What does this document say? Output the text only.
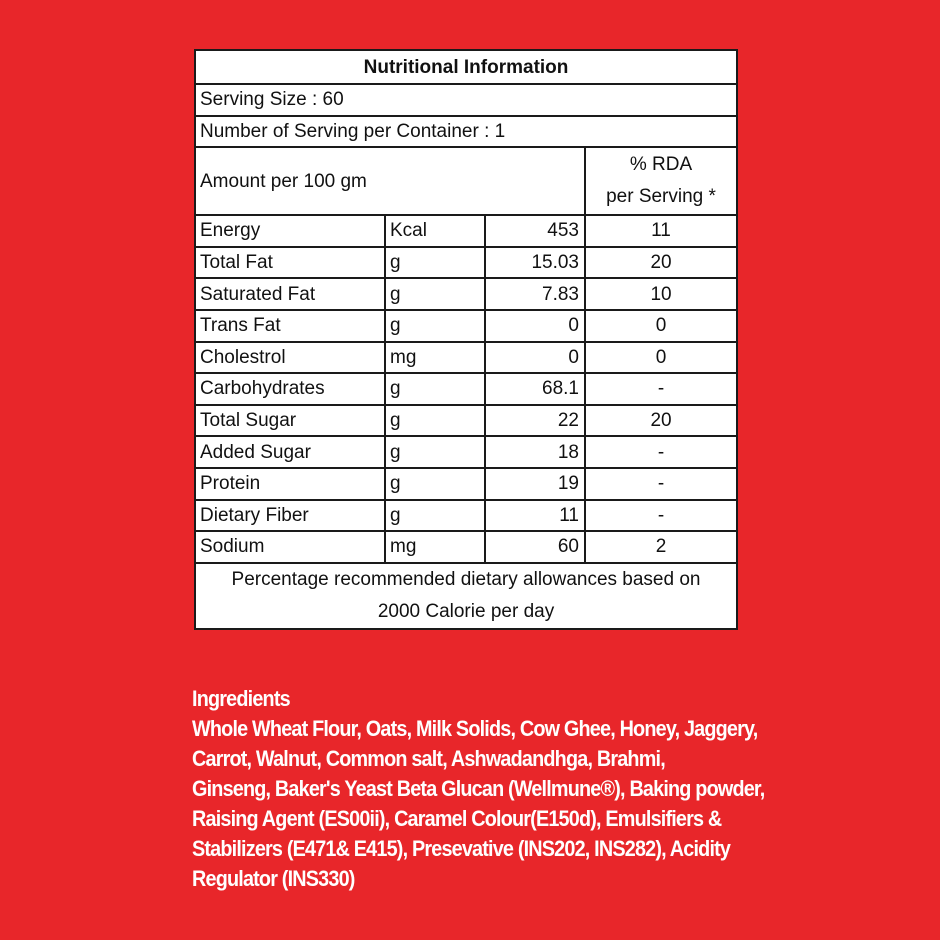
Nutritional Information			
Serving Size : 60			
Number of Serving per Container : 1			
Amount per 100 gm			% RDA
per Serving *
Energy	Kcal	453	11
Total Fat	g	15.03	20
Saturated Fat	g	7.83	10
Trans Fat	g	0	0
Cholestrol	mg	0	0
Carbohydrates	g	68.1	-
Total Sugar	g	22	20
Added Sugar	g	18	-
Protein	g	19	-
Dietary Fiber	g	11	-
Sodium	mg	60	2
Percentage recommended dietary allowances based on
2000 Calorie per day			
Ingredients
Whole Wheat Flour, Oats, Milk Solids, Cow Ghee, Honey, Jaggery,
Carrot, Walnut, Common salt, Ashwadandhga, Brahmi,
Ginseng, Baker's Yeast Beta Glucan (Wellmune®), Baking powder,
Raising Agent (ES00ii), Caramel Colour(E150d), Emulsifiers &
Stabilizers (E471& E415), Presevative (INS202, INS282), Acidity
Regulator (INS330)
